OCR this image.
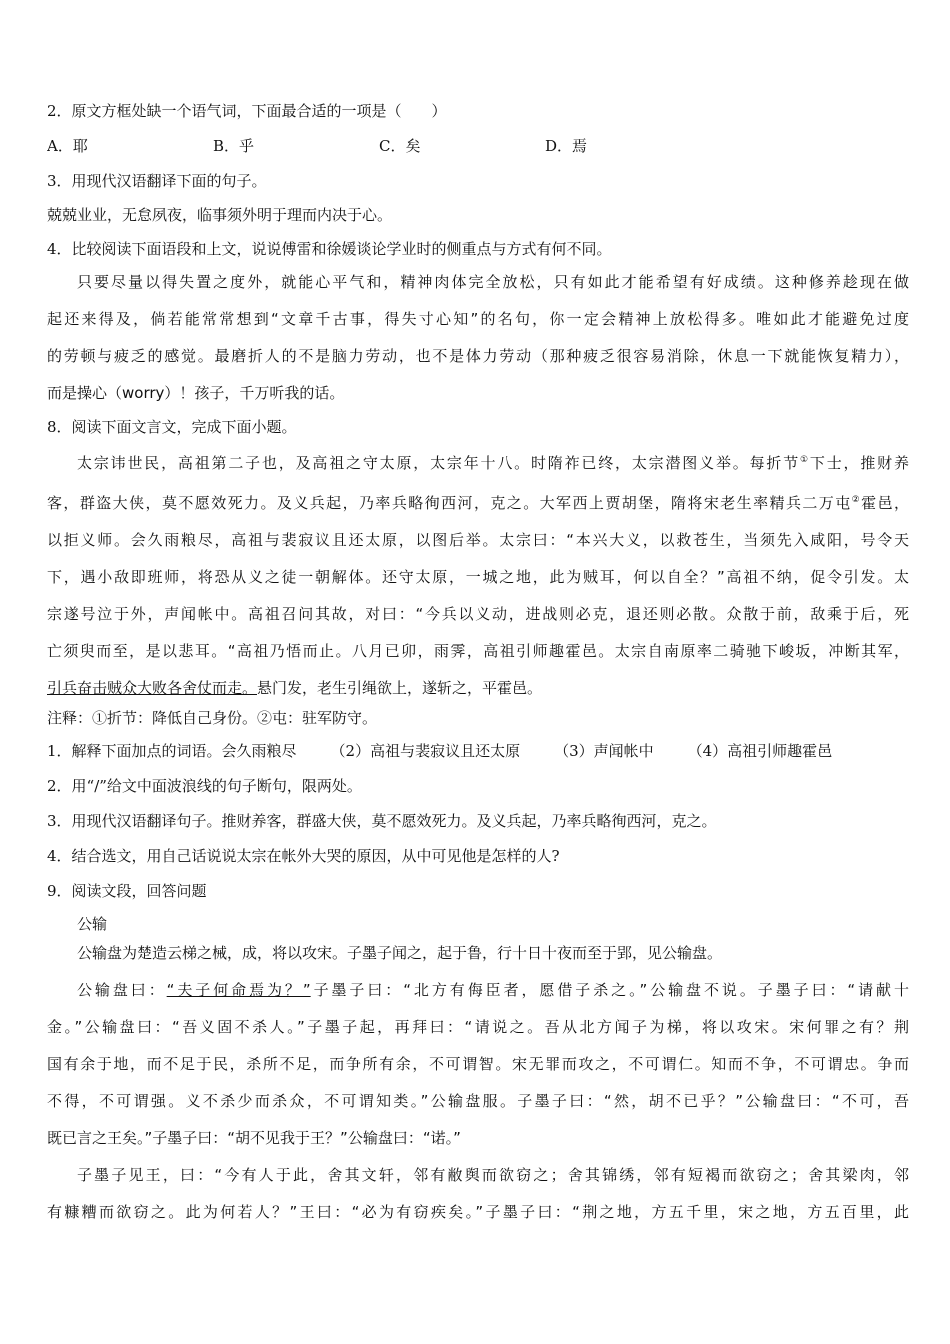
2．原文方框处缺一个语气词，下面最合适的一项是（　　）
A．耶	B．乎	C．矣	D．焉
3．用现代汉语翻译下面的句子。
兢兢业业，无怠夙夜，临事须外明于理而内决于心。
4．比较阅读下面语段和上文，说说傅雷和徐媛谈论学业时的侧重点与方式有何不同。
只要尽量以得失置之度外，就能心平气和，精神肉体完全放松，只有如此才能希望有好成绩。这种修养趁现在做
起还来得及，倘若能常常想到“文章千古事，得失寸心知”的名句，你一定会精神上放松得多。唯如此才能避免过度
的劳顿与疲乏的感觉。最磨折人的不是脑力劳动，也不是体力劳动（那种疲乏很容易消除，休息一下就能恢复精力），
而是操心（worry）！孩子，千万听我的话。
8．阅读下面文言文，完成下面小题。
太宗讳世民，高祖第二子也，及高祖之守太原，太宗年十八。时隋祚已终，太宗潜图义举。每折节①下士，推财养
客，群盗大侠，莫不愿效死力。及义兵起，乃率兵略徇西河，克之。大军西上贾胡堡，隋将宋老生率精兵二万屯②霍邑，
以拒义师。会久雨粮尽，高祖与裴寂议且还太原，以图后举。太宗曰：“本兴大义，以救苍生，当须先入咸阳，号令天
下，遇小敌即班师，将恐从义之徒一朝解体。还守太原，一城之地，此为贼耳，何以自全？”高祖不纳，促令引发。太
宗遂号泣于外，声闻帐中。高祖召问其故，对曰：“今兵以义动，进战则必克，退还则必散。众散于前，敌乘于后，死
亡须臾而至，是以悲耳。“高祖乃悟而止。八月已卯，雨霁，高祖引师趣霍邑。太宗自南原率二骑驰下峻坂，冲断其军，
引兵奋击贼众大败各舍仗而走。悬门发，老生引绳欲上，遂斩之，平霍邑。
注释：①折节：降低自己身份。②屯：驻军防守。
1．解释下面加点的词语。会久雨粮尽 （2）高祖与裴寂议且还太原 （3）声闻帐中 （4）高祖引师趣霍邑
2．用“/”给文中面波浪线的句子断句，限两处。
3．用现代汉语翻译句子。推财养客，群盛大侠，莫不愿效死力。及义兵起，乃率兵略徇西河，克之。
4．结合选文，用自己话说说太宗在帐外大哭的原因，从中可见他是怎样的人?
9．阅读文段，回答问题
公输
公输盘为楚造云梯之械，成，将以攻宋。子墨子闻之，起于鲁，行十日十夜而至于郢，见公输盘。
公输盘曰：“夫子何命焉为？”子墨子曰：“北方有侮臣者，愿借子杀之。”公输盘不说。子墨子曰：“请献十
金。”公输盘曰：“吾义固不杀人。”子墨子起，再拜曰：“请说之。吾从北方闻子为梯，将以攻宋。宋何罪之有？荆
国有余于地，而不足于民，杀所不足，而争所有余，不可谓智。宋无罪而攻之，不可谓仁。知而不争，不可谓忠。争而
不得，不可谓强。义不杀少而杀众，不可谓知类。”公输盘服。子墨子曰：“然，胡不已乎？”公输盘曰：“不可，吾
既已言之王矣。”子墨子曰：“胡不见我于王？”公输盘曰：“诺。”
子墨子见王，曰：“今有人于此，舍其文轩，邻有敝舆而欲窃之；舍其锦绣，邻有短褐而欲窃之；舍其梁肉，邻
有糠糟而欲窃之。此为何若人？”王曰：“必为有窃疾矣。”子墨子曰：“荆之地，方五千里，宋之地，方五百里，此
